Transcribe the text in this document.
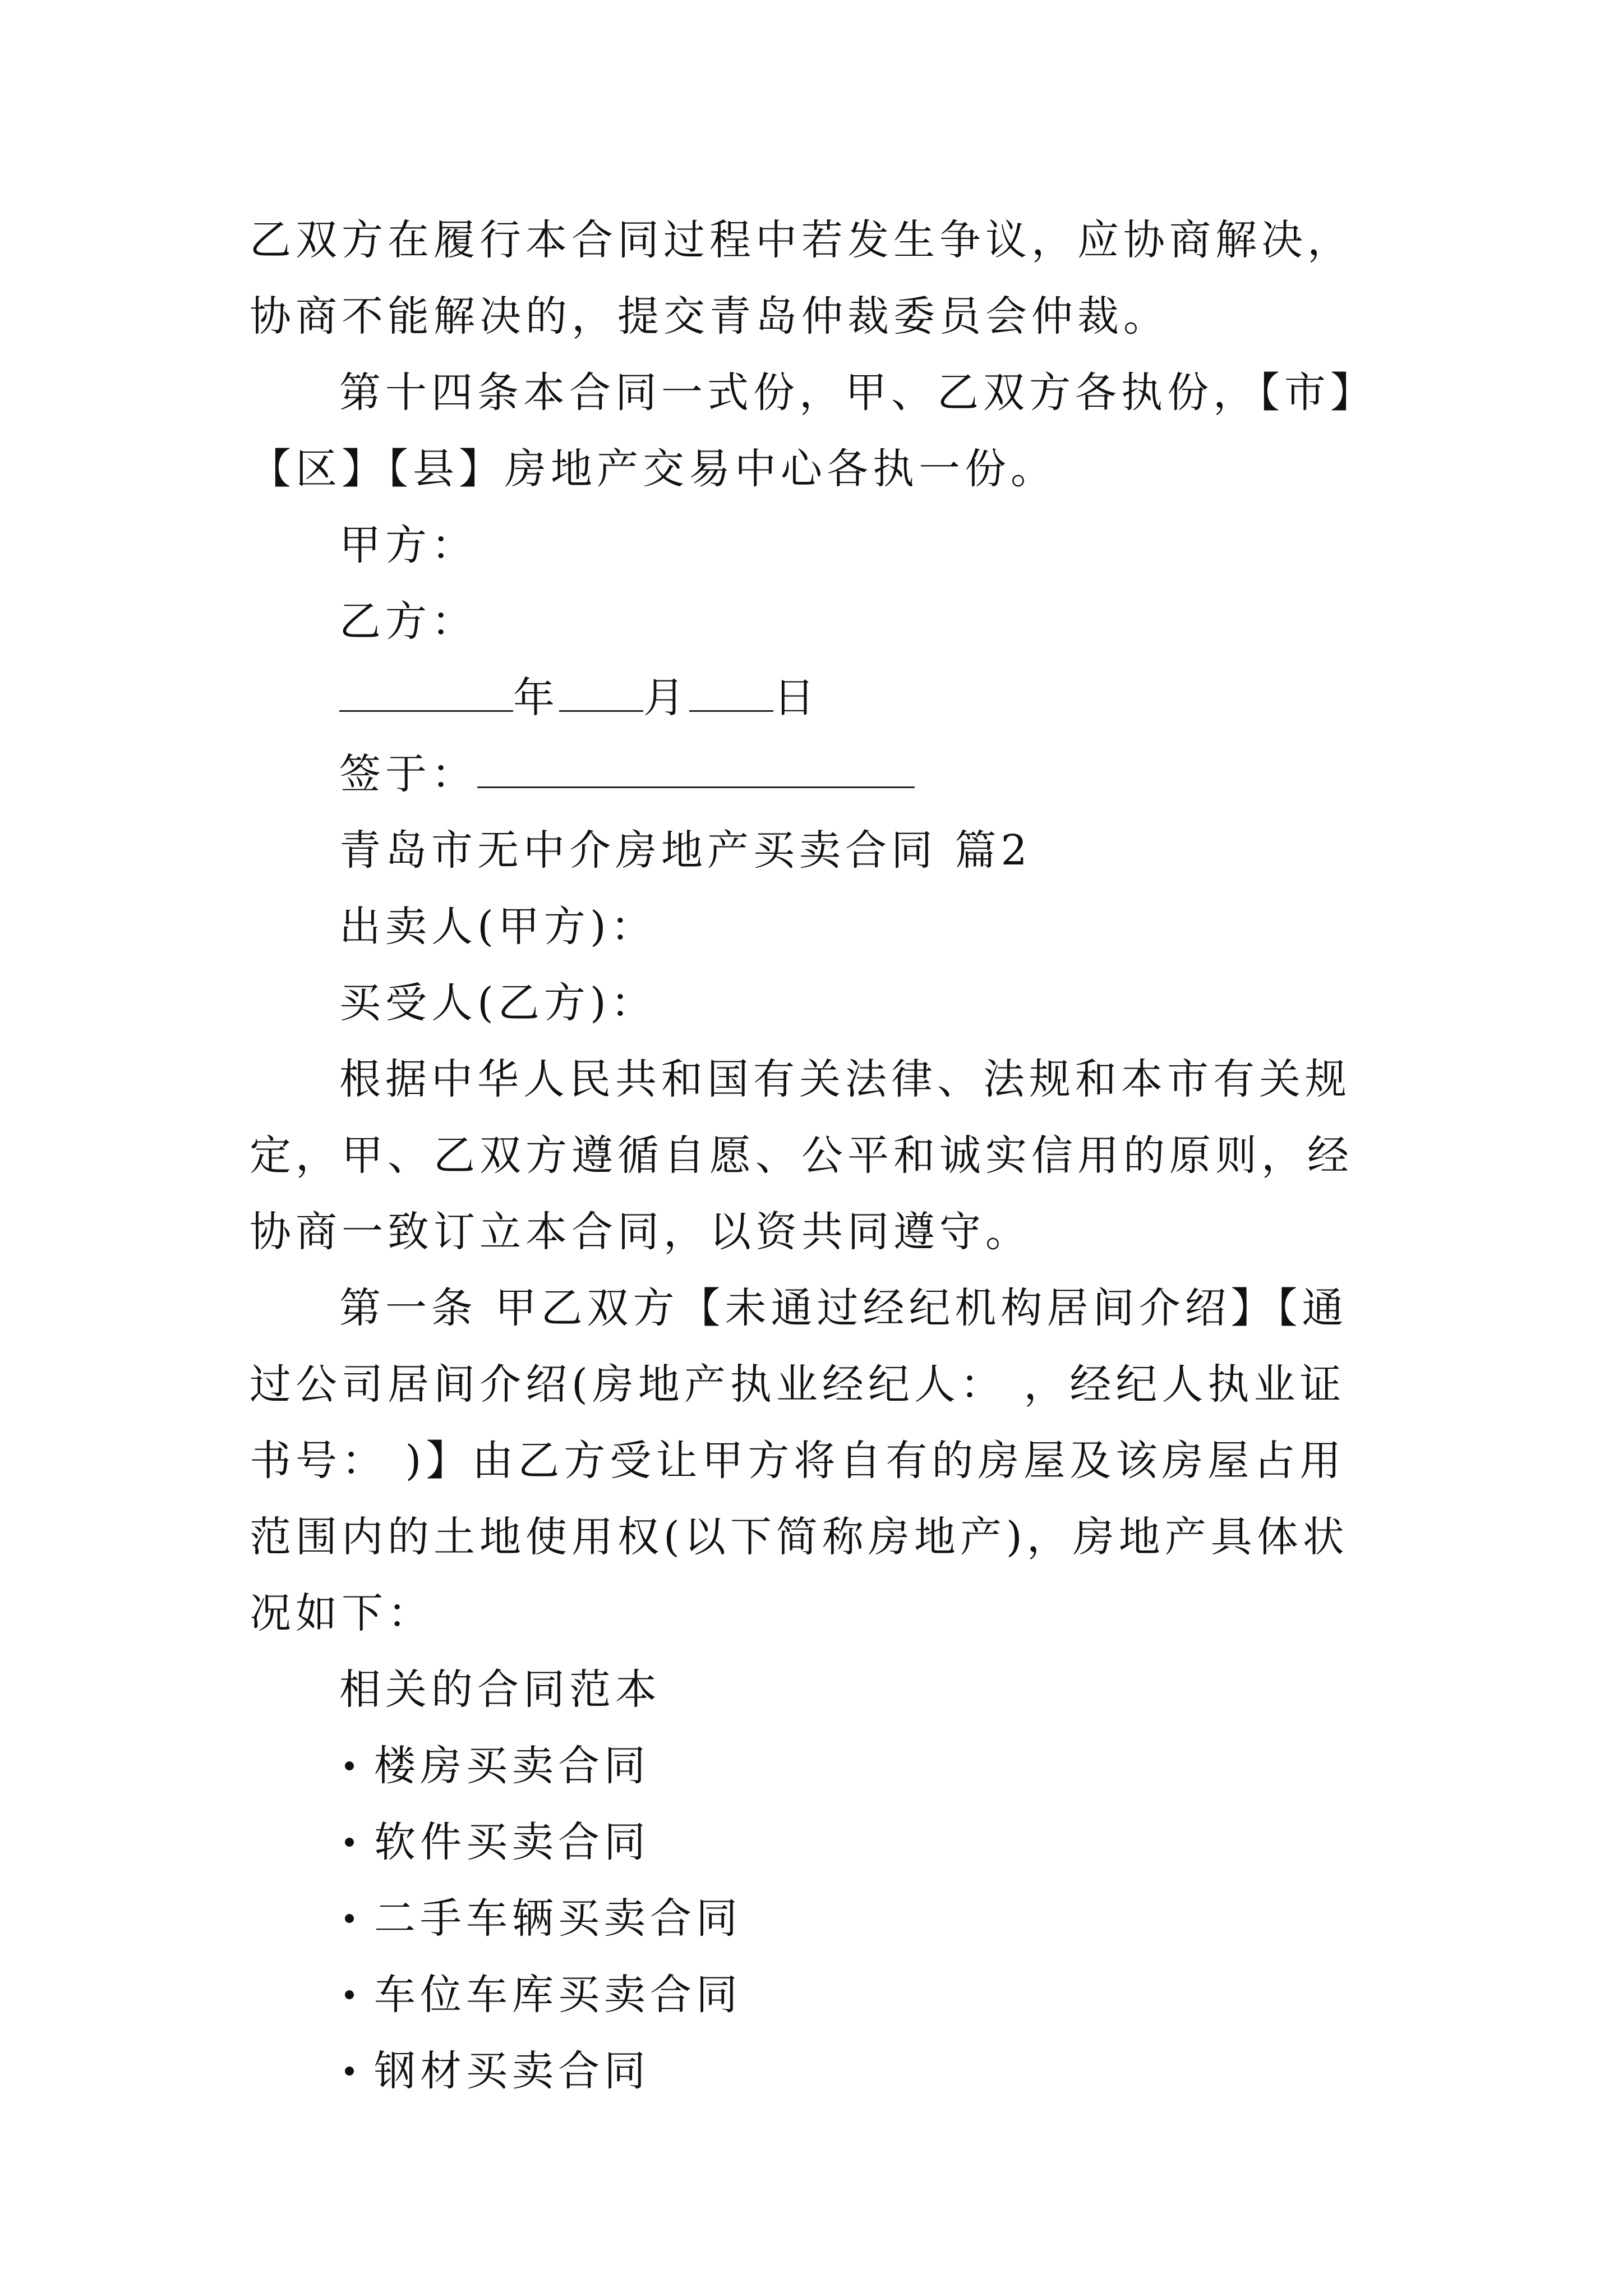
乙双方在履行本合同过程中若发生争议，应协商解决，协商不能解决的，提交青岛仲裁委员会仲裁。

第十四条本合同一式份，甲、乙双方各执份，【市】【区】【县】房地产交易中心各执一份。

甲方：

乙方：

年 月 日

签于：

青岛市无中介房地产买卖合同 篇2

出卖人(甲方)：

买受人(乙方)：

根据中华人民共和国有关法律、法规和本市有关规定，甲、乙双方遵循自愿、公平和诚实信用的原则，经协商一致订立本合同，以资共同遵守。

第一条 甲乙双方【未通过经纪机构居间介绍】【通过公司居间介绍(房地产执业经纪人： ，经纪人执业证书号： )】由乙方受让甲方将自有的房屋及该房屋占用范围内的土地使用权(以下简称房地产)，房地产具体状况如下：

相关的合同范本

楼房买卖合同

软件买卖合同

二手车辆买卖合同

车位车库买卖合同

钢材买卖合同
